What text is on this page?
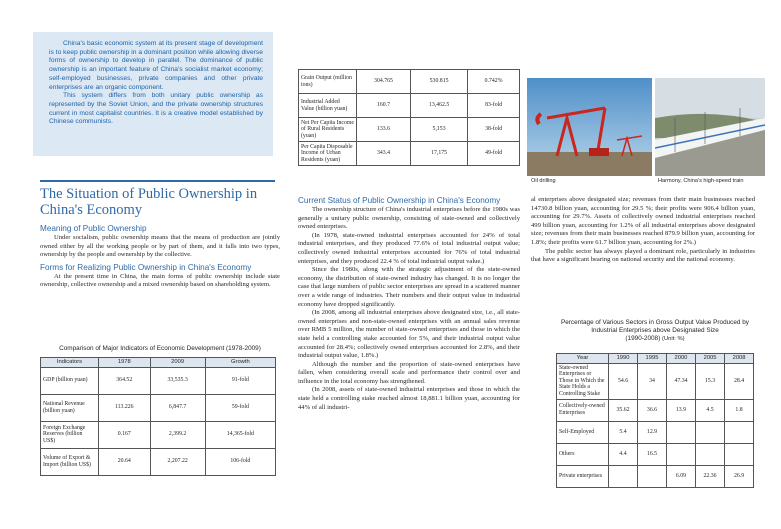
China's basic economic system at its present stage of development is to keep public ownership in a dominant position while allowing diverse forms of ownership to develop in parallel. The dominance of public ownership is an important feature of China's socialist market economy; self-employed businesses, private companies and other private enterprises are an organic component.

This system differs from both unitary public ownership as represented by the Soviet Union, and the private ownership structures current in most capitalist countries. It is a creative model established by Chinese communists.

The Situation of Public Ownership in China's Economy
Meaning of Public Ownership
Under socialism, public ownership means that the means of production are jointly owned either by all the working people or by part of them, and it falls into two types, ownership by the people and ownership by the collective.
Forms for Realizing Public Ownership in China's Economy
At the present time in China, the main forms of public ownership include state ownership, collective ownership and a mixed ownership based on shareholding system.
Comparison of Major Indicators of Economic Development (1978-2009)
Indicators	1978	2009	Growth
GDP (billion yuan)	364.52	33,535.3	91-fold
National Revenue (billion yuan)	113.226	6,847.7	59-fold
Foreign Exchange Reserves (billion US$)	0.167	2,399.2	14,365-fold
Volume of Export & Import (billion US$)	20.64	2,207.22	106-fold
Grain Output (million tons)	304.765	530.815	0.742%
Industrial Added Value (billion yuan)	160.7	13,462.5	83-fold
Net Per Capita Income of Rural Residents (yuan)	133.6	5,153	38-fold
Per Capita Disposable Income of Urban Residents (yuan)	343.4	17,175	49-fold
Current Status of Public Ownership in China's Economy
The ownership structure of China's industrial enterprises before the 1980s was generally a unitary public ownership, consisting of state-owned and collectively owned enterprises.
(In 1978, state-owned industrial enterprises accounted for 24% of total industrial enterprises, and they produced 77.6% of total industrial output value; collectively owned industrial enterprises accounted for 76% of total industrial enterprises, and they produced 22.4 % of total industrial output value.)
Since the 1980s, along with the strategic adjustment of the state-owned economy, the distribution of state-owned industry has changed. It is no longer the case that large numbers of public sector enterprises are spread in a scattered manner over a wide range of industries. Their numbers and their output value in industrial economy have dropped significantly.
(In 2008, among all industrial enterprises above designated size, i.e., all state-owned enterprises and non-state-owned enterprises with an annual sales revenue over RMB 5 million, the number of state-owned enterprises and those in which the state held a controlling stake accounted for 5%, and their industrial output value accounted for 28.4%; collectively owned enterprises accounted for 2.8%, and their industrial output value, 1.8%.)
Although the number and the proportion of state-owned enterprises have fallen, when considering overall scale and performance their control over and influence in the total economy has strengthened.
(In 2008, assets of state-owned industrial enterprises and those in which the state held a controlling stake reached almost 18,881.1 billion yuan, accounting for 44% of all industri-
Oil drilling	Harmony, China's high-speed train
al enterprises above designated size; revenues from their main businesses reached 14730.8 billion yuan, accounting for 29.5 %; their profits were 906.4 billion yuan, accounting for 29.7%. Assets of collectively owned industrial enterprises reached 499 billion yuan, accounting for 1.2% of all industrial enterprises above designated size; revenues from their main businesses reached 879.9 billion yuan, accounting for 1.8%; their profits were 61.7 billion yuan, accounting for 2%.)
The public sector has always played a dominant role, particularly in industries that have a significant bearing on national security and the national economy.
Percentage of Various Sectors in Gross Output Value Produced by Industrial Enterprises above Designated Size
(1990-2008) (Unit: %)
Year	1990	1995	2000	2005	2008
State-owned Enterprises or Those in Which the State Holds a Controlling Stake	54.6	34	47.34	15.3	28.4
Collectively-owned Enterprises	35.62	36.6	13.9	4.5	1.8
Self-Employed	5.4	12.9			
Others	4.4	16.5			
Private enterprises			6.09	22.36	26.9
